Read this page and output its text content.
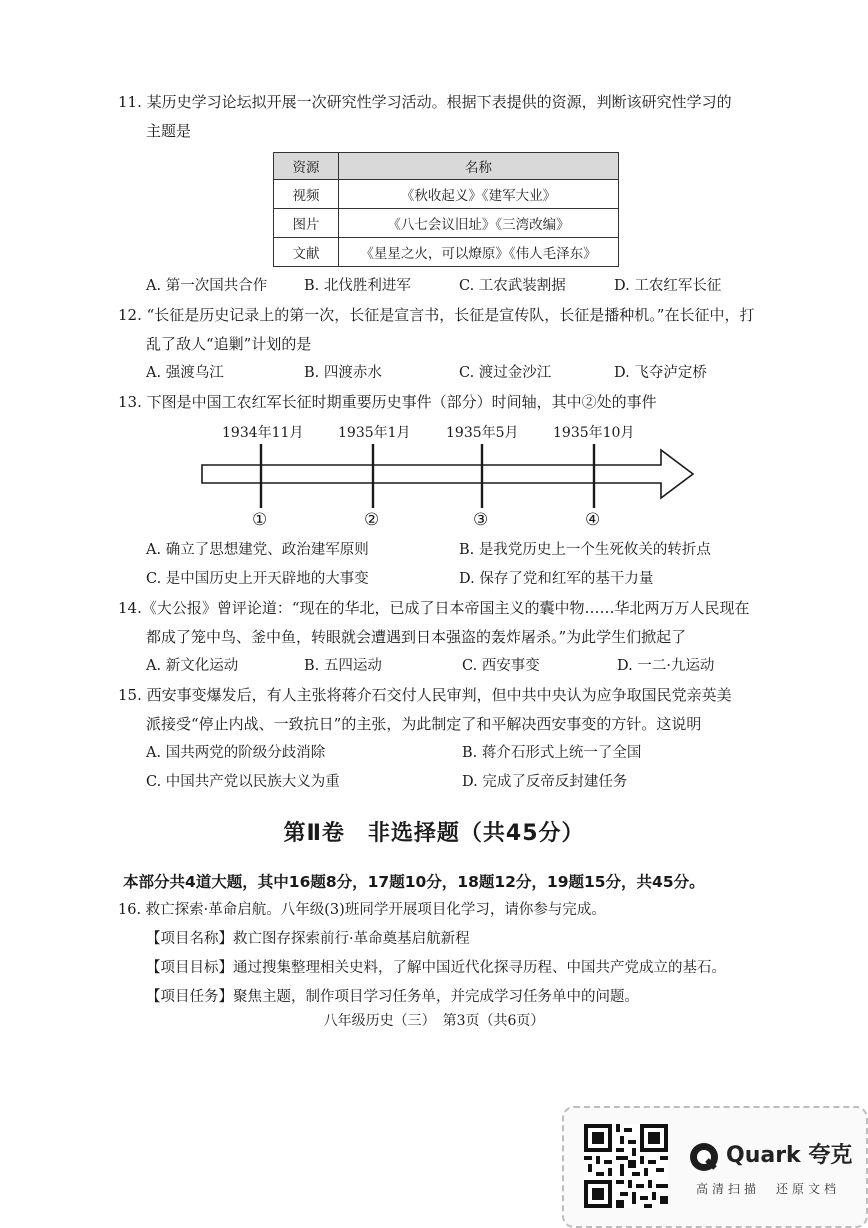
11. 某历史学习论坛拟开展一次研究性学习活动。根据下表提供的资源，判断该研究性学习的
主题是
资源	名称
视频	《秋收起义》《建军大业》
图片	《八七会议旧址》《三湾改编》
文献	《星星之火，可以燎原》《伟人毛泽东》
A. 第一次国共合作	B. 北伐胜利进军	C. 工农武装割据	D. 工农红军长征
12. “长征是历史记录上的第一次，长征是宣言书，长征是宣传队，长征是播种机。”在长征中，打
乱了敌人“追剿”计划的是
A. 强渡乌江	B. 四渡赤水	C. 渡过金沙江	D. 飞夺泸定桥
13. 下图是中国工农红军长征时期重要历史事件（部分）时间轴，其中②处的事件
1934年11月 1935年1月	1935年5月 1935年10月
①	②	③	④
A. 确立了思想建党、政治建军原则	B. 是我党历史上一个生死攸关的转折点
C. 是中国历史上开天辟地的大事变	D. 保存了党和红军的基干力量
14.《大公报》曾评论道：“现在的华北，已成了日本帝国主义的囊中物……华北两万万人民现在
都成了笼中鸟、釜中鱼，转眼就会遭遇到日本强盗的轰炸屠杀。”为此学生们掀起了
A. 新文化运动	B. 五四运动	C. 西安事变	D. 一二·九运动
15. 西安事变爆发后，有人主张将蒋介石交付人民审判，但中共中央认为应争取国民党亲英美
派接受“停止内战、一致抗日”的主张，为此制定了和平解决西安事变的方针。这说明
A. 国共两党的阶级分歧消除	B. 蒋介石形式上统一了全国
C. 中国共产党以民族大义为重	D. 完成了反帝反封建任务
第Ⅱ卷　非选择题（共45分）
本部分共4道大题，其中16题8分，17题10分，18题12分，19题15分，共45分。
16. 救亡探索·革命启航。八年级(3)班同学开展项目化学习，请你参与完成。
【项目名称】救亡图存探索前行·革命奠基启航新程
【项目目标】通过搜集整理相关史料，了解中国近代化探寻历程、中国共产党成立的基石。
【项目任务】聚焦主题，制作项目学习任务单，并完成学习任务单中的问题。
八年级历史（三）　第3页（共6页）
Quark 夸克
高清扫描　还原文档
